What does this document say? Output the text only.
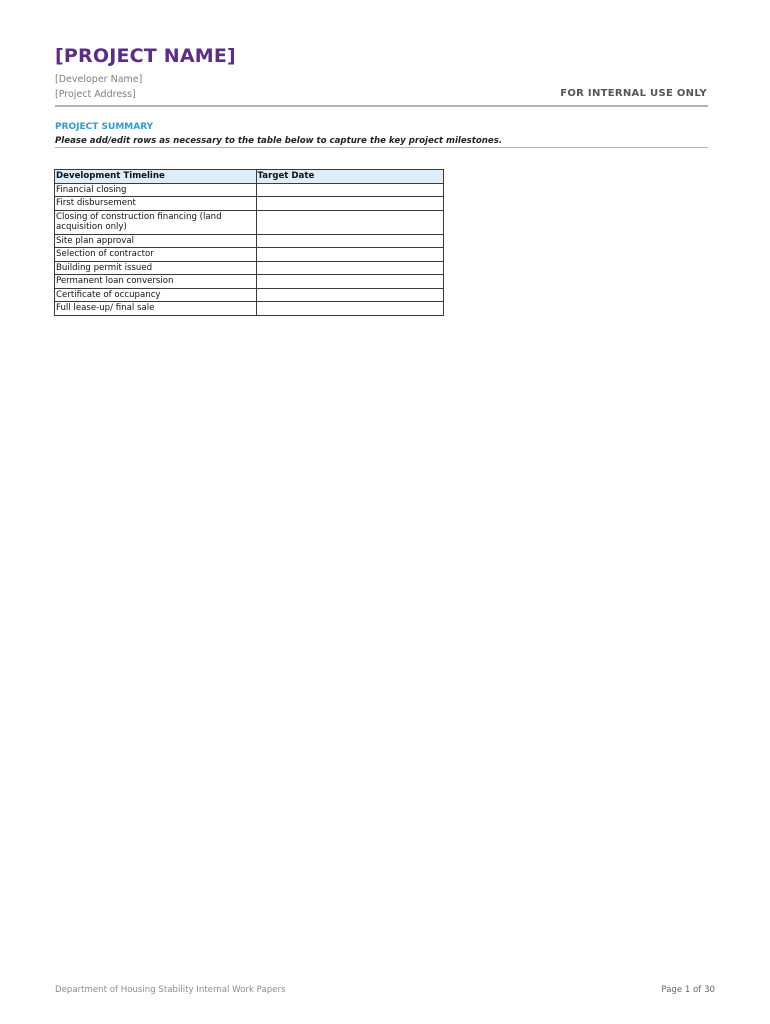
[PROJECT NAME]
[Developer Name]
[Project Address]	FOR INTERNAL USE ONLY
PROJECT SUMMARY
Please add/edit rows as necessary to the table below to capture the key project milestones.
Development Timeline	Target Date
Financial closing	
First disbursement	
Closing of construction financing (land acquisition only)	
Site plan approval	
Selection of contractor	
Building permit issued	
Permanent loan conversion	
Certificate of occupancy	
Full lease-up/ final sale	
Department of Housing Stability Internal Work Papers	Page 1 of 30
